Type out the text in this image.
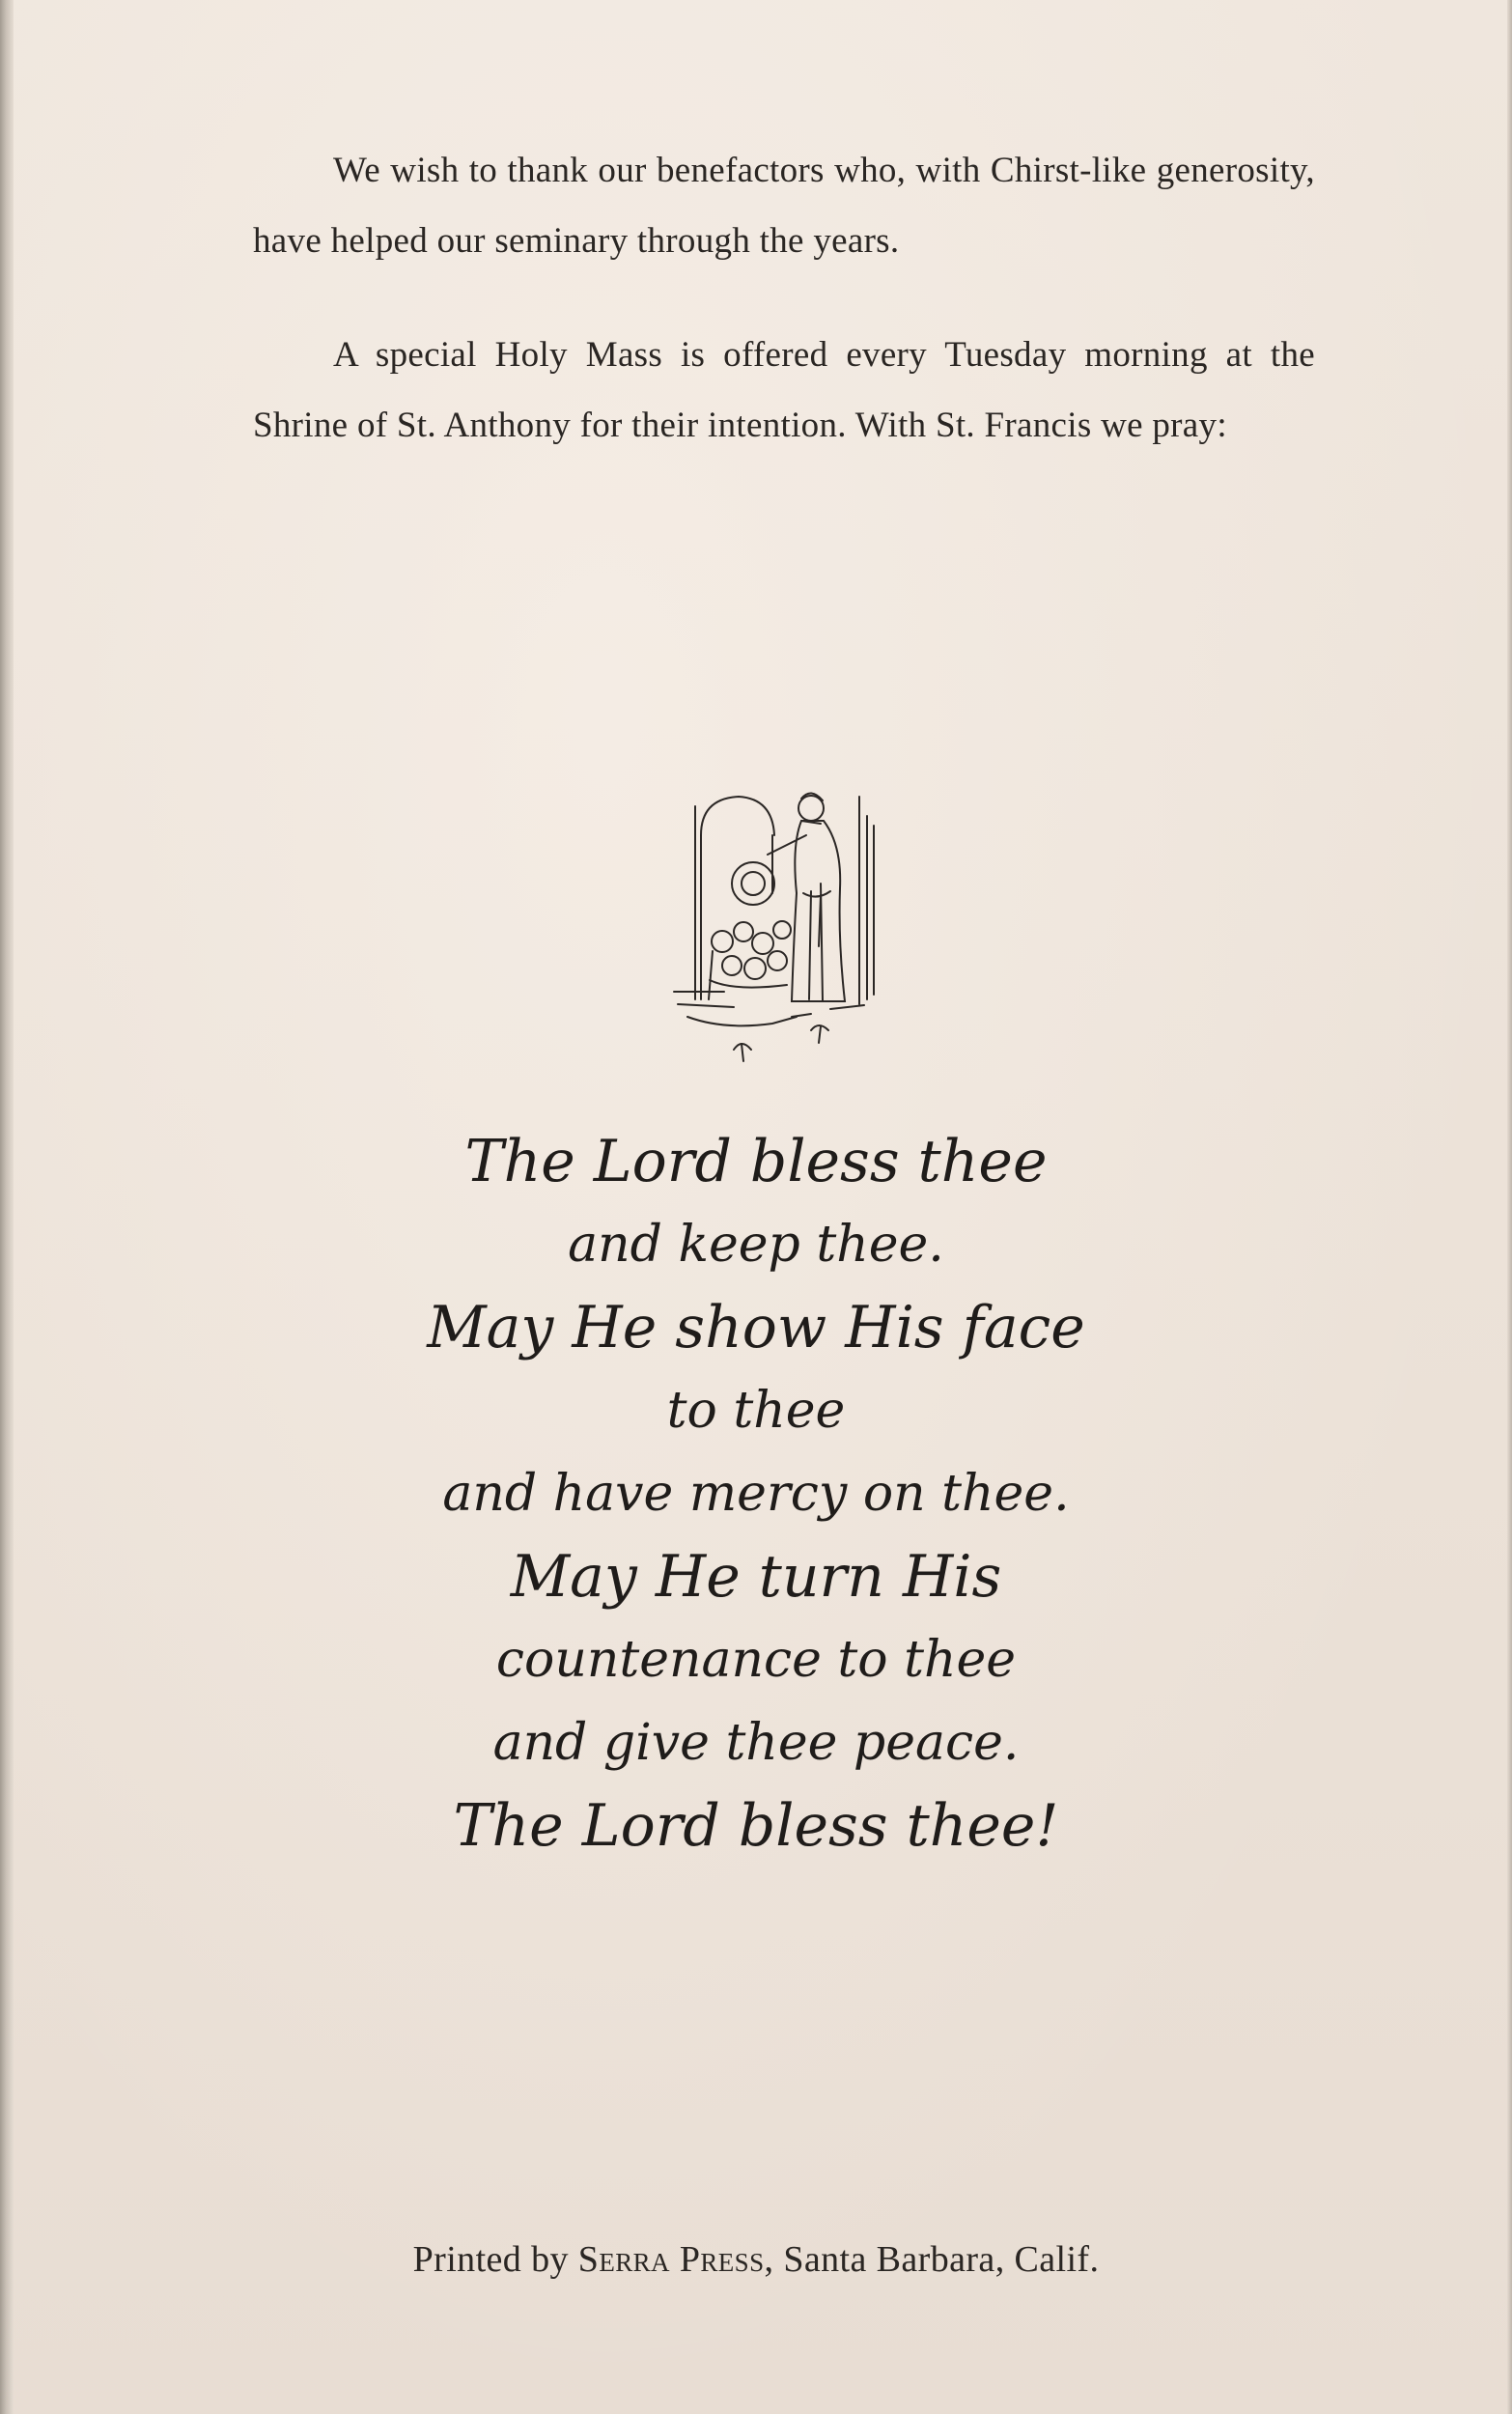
We wish to thank our benefactors who, with Chirst-like generosity, have helped our seminary through the years.

A special Holy Mass is offered every Tuesday morning at the Shrine of St. Anthony for their intention. With St. Francis we pray:

The Lord bless thee
and keep thee.
May He show His face
to thee
and have mercy on thee.
May He turn His
countenance to thee
and give thee peace.
The Lord bless thee!
Printed by Serra Press, Santa Barbara, Calif.
